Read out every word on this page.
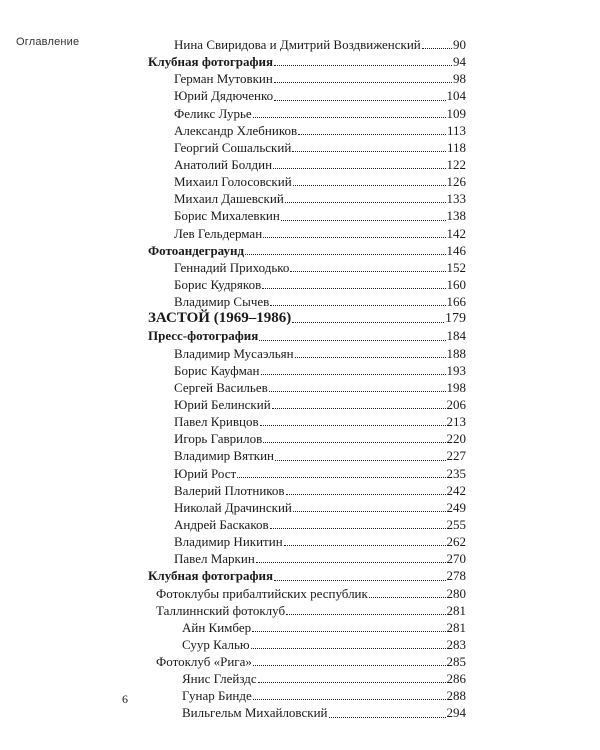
Оглавление	Нина Свиридова и Дмитрий Воздвиженский 90
Клубная фотография	94
Герман Мутовкин	98
Юрий Дядюченко	104
Феликс Лурье	109
Александр Хлебников	113
Георгий Сошальский	118
Анатолий Болдин	122
Михаил Голосовский	126
Михаил Дашевский	133
Борис Михалевкин	138
Лев Гельдерман	142
Фотоандеграунд	146
Геннадий Приходько	152
Борис Кудряков	160
Владимир Сычев	166
ЗАСТОЙ (1969–1986)	179
Пресс-фотография	184
Владимир Мусаэльян	188
Борис Кауфман	193
Сергей Васильев	198
Юрий Белинский	206
Павел Кривцов	213
Игорь Гаврилов	220
Владимир Вяткин	227
Юрий Рост	235
Валерий Плотников	242
Николай Драчинский	249
Андрей Баскаков	255
Владимир Никитин	262
Павел Маркин	270
Клубная фотография	278
Фотоклубы прибалтийских республик	280
Таллиннский фотоклуб	281
Айн Кимбер	281
Суур Калью	283
Фотоклуб «Рига»	285
Янис Глейздс	286
Гунар Бинде	288
Вильгельм Михайловский	294
6
